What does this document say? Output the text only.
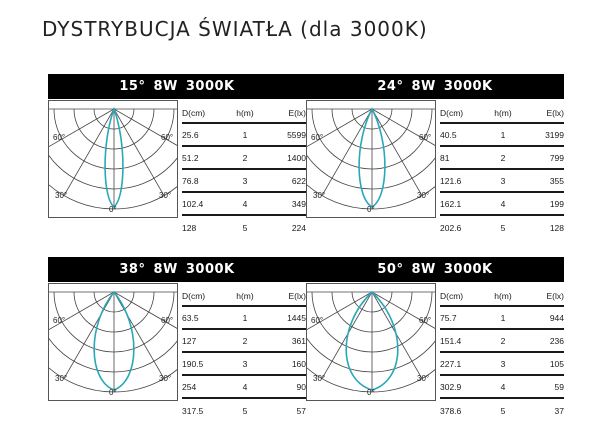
DYSTRYBUCJA ŚWIATŁA (dla 3000K)
15° 8W 3000K
60°	60°
30°	30°
0°
D(cm)	h(m)	E(lx)
25.6	1	5599
51.2	2	1400
76.8	3	622
102.4	4	349
128	5	224
24° 8W 3000K
60°	60°
30°	30°
0°
D(cm)	h(m)	E(lx)
40.5	1	3199
81	2	799
121.6	3	355
162.1	4	199
202.6	5	128
38° 8W 3000K
60°	60°
30°	30°
0°
D(cm)	h(m)	E(lx)
63.5	1	1445
127	2	361
190.5	3	160
254	4	90
317.5	5	57
50° 8W 3000K
60°	60°
30°	30°
0°
D(cm)	h(m)	E(lx)
75.7	1	944
151.4	2	236
227.1	3	105
302.9	4	59
378.6	5	37
